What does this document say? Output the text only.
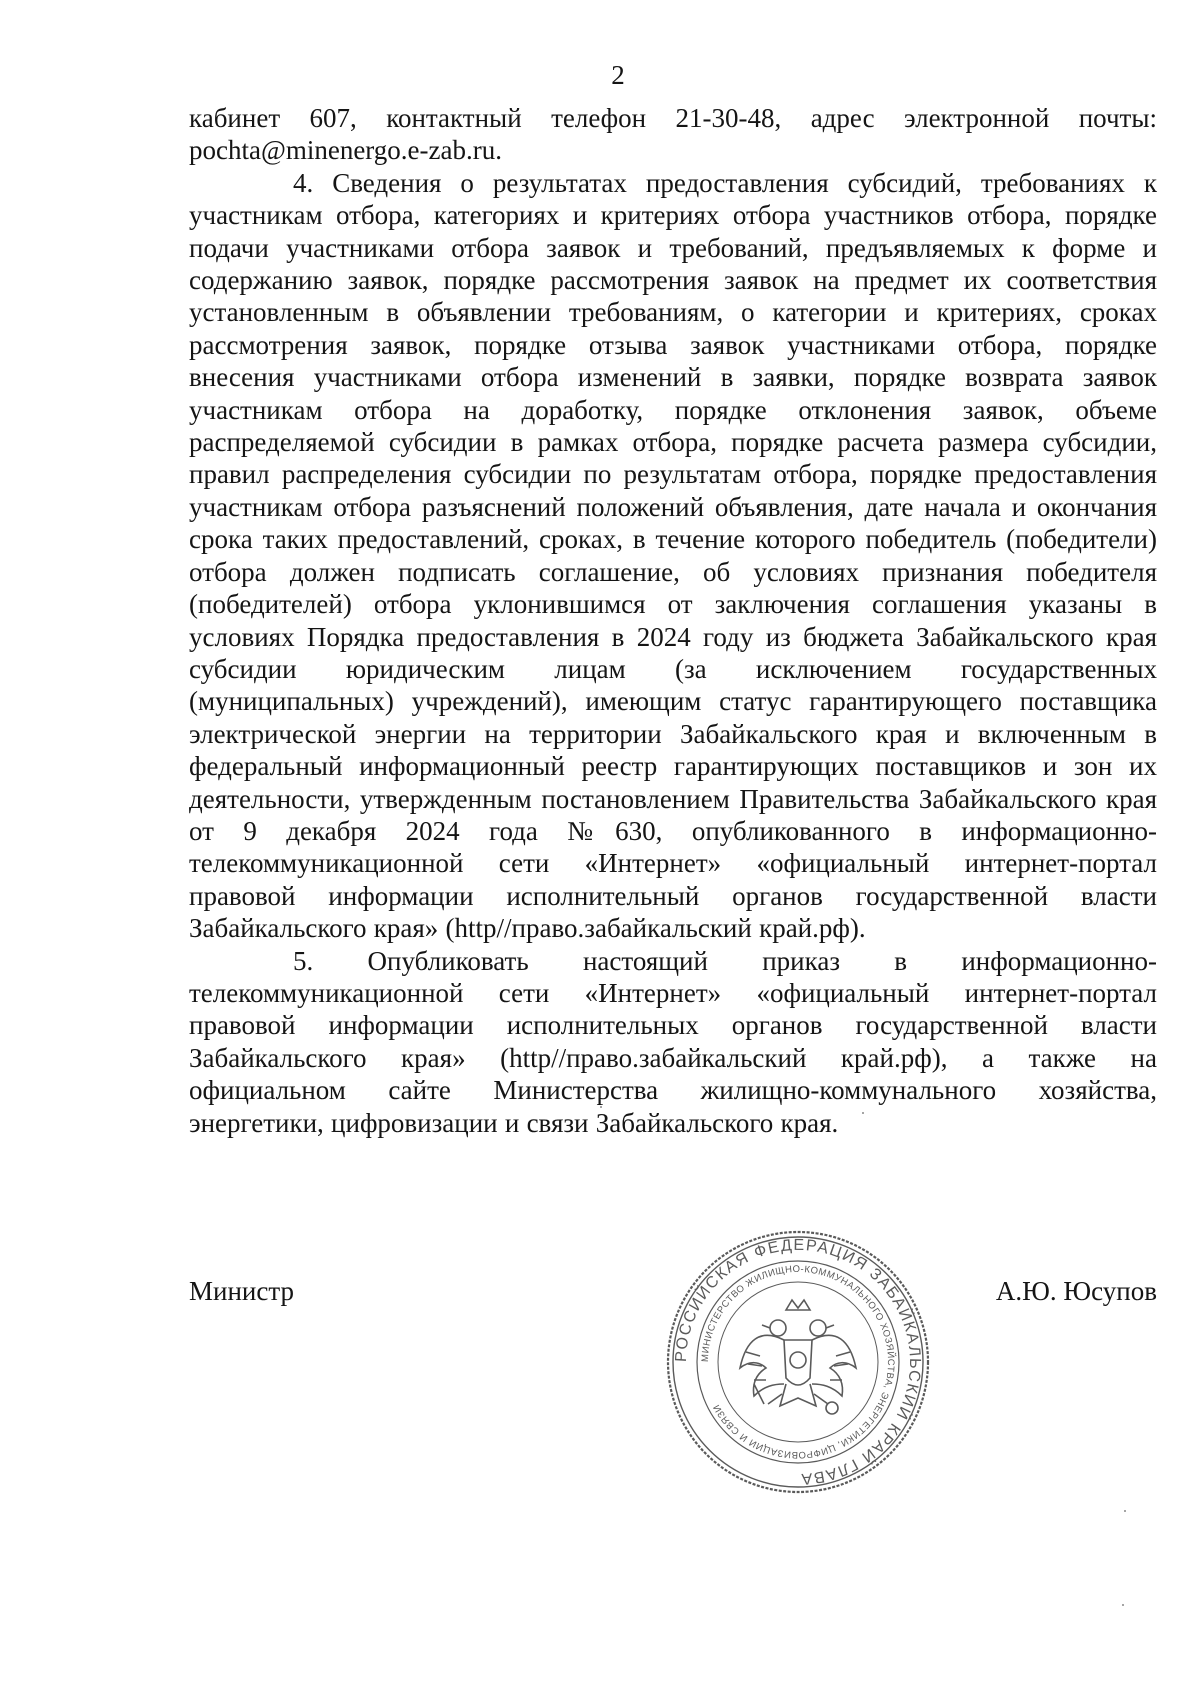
2

кабинет 607, контактный телефон 21-30-48, адрес электронной почты: pochta@minenergo.e-zab.ru.

4. Сведения о результатах предоставления субсидий, требованиях к участникам отбора, категориях и критериях отбора участников отбора, порядке подачи участниками отбора заявок и требований, предъявляемых к форме и содержанию заявок, порядке рассмотрения заявок на предмет их соответствия установленным в объявлении требованиям, о категории и критериях, сроках рассмотрения заявок, порядке отзыва заявок участниками отбора, порядке внесения участниками отбора изменений в заявки, порядке возврата заявок участникам отбора на доработку, порядке отклонения заявок, объеме распределяемой субсидии в рамках отбора, порядке расчета размера субсидии, правил распределения субсидии по результатам отбора, порядке предоставления участникам отбора разъяснений положений объявления, дате начала и окончания срока таких предоставлений, сроках, в течение которого победитель (победители) отбора должен подписать соглашение, об условиях признания победителя (победителей) отбора уклонившимся от заключения соглашения указаны в условиях Порядка предоставления в 2024 году из бюджета Забайкальского края субсидии юридическим лицам (за исключением государственных (муниципальных) учреждений), имеющим статус гарантирующего поставщика электрической энергии на территории Забайкальского края и включенным в федеральный информационный реестр гарантирующих поставщиков и зон их деятельности, утвержденным постановлением Правительства Забайкальского края от 9 декабря 2024 года №630, опубликованного в информационно-телекоммуникационной сети «Интернет» «официальный интернет-портал правовой информации исполнительный органов государственной власти Забайкальского края» (http//право.забайкальский край.рф).

5. Опубликовать настоящий приказ в информационно-телекоммуникационной сети «Интернет» «официальный интернет-портал правовой информации исполнительных органов государственной власти Забайкальского края» (http//право.забайкальский край.рф), а также на официальном сайте Министерства жилищно-коммунального хозяйства, энергетики, цифровизации и связи Забайкальского края.

Министр	А.Ю. Юсупов
РОССИЙСКАЯ ФЕДЕРАЦИЯ ЗАБАЙКАЛЬСКИЙ КРАЙ ГЛАВА
МИНИСТЕРСТВО ЖИЛИЩНО-КОММУНАЛЬНОГО ХОЗЯЙСТВА, ЭНЕРГЕТИКИ, ЦИФРОВИЗАЦИИ И СВЯЗИ
